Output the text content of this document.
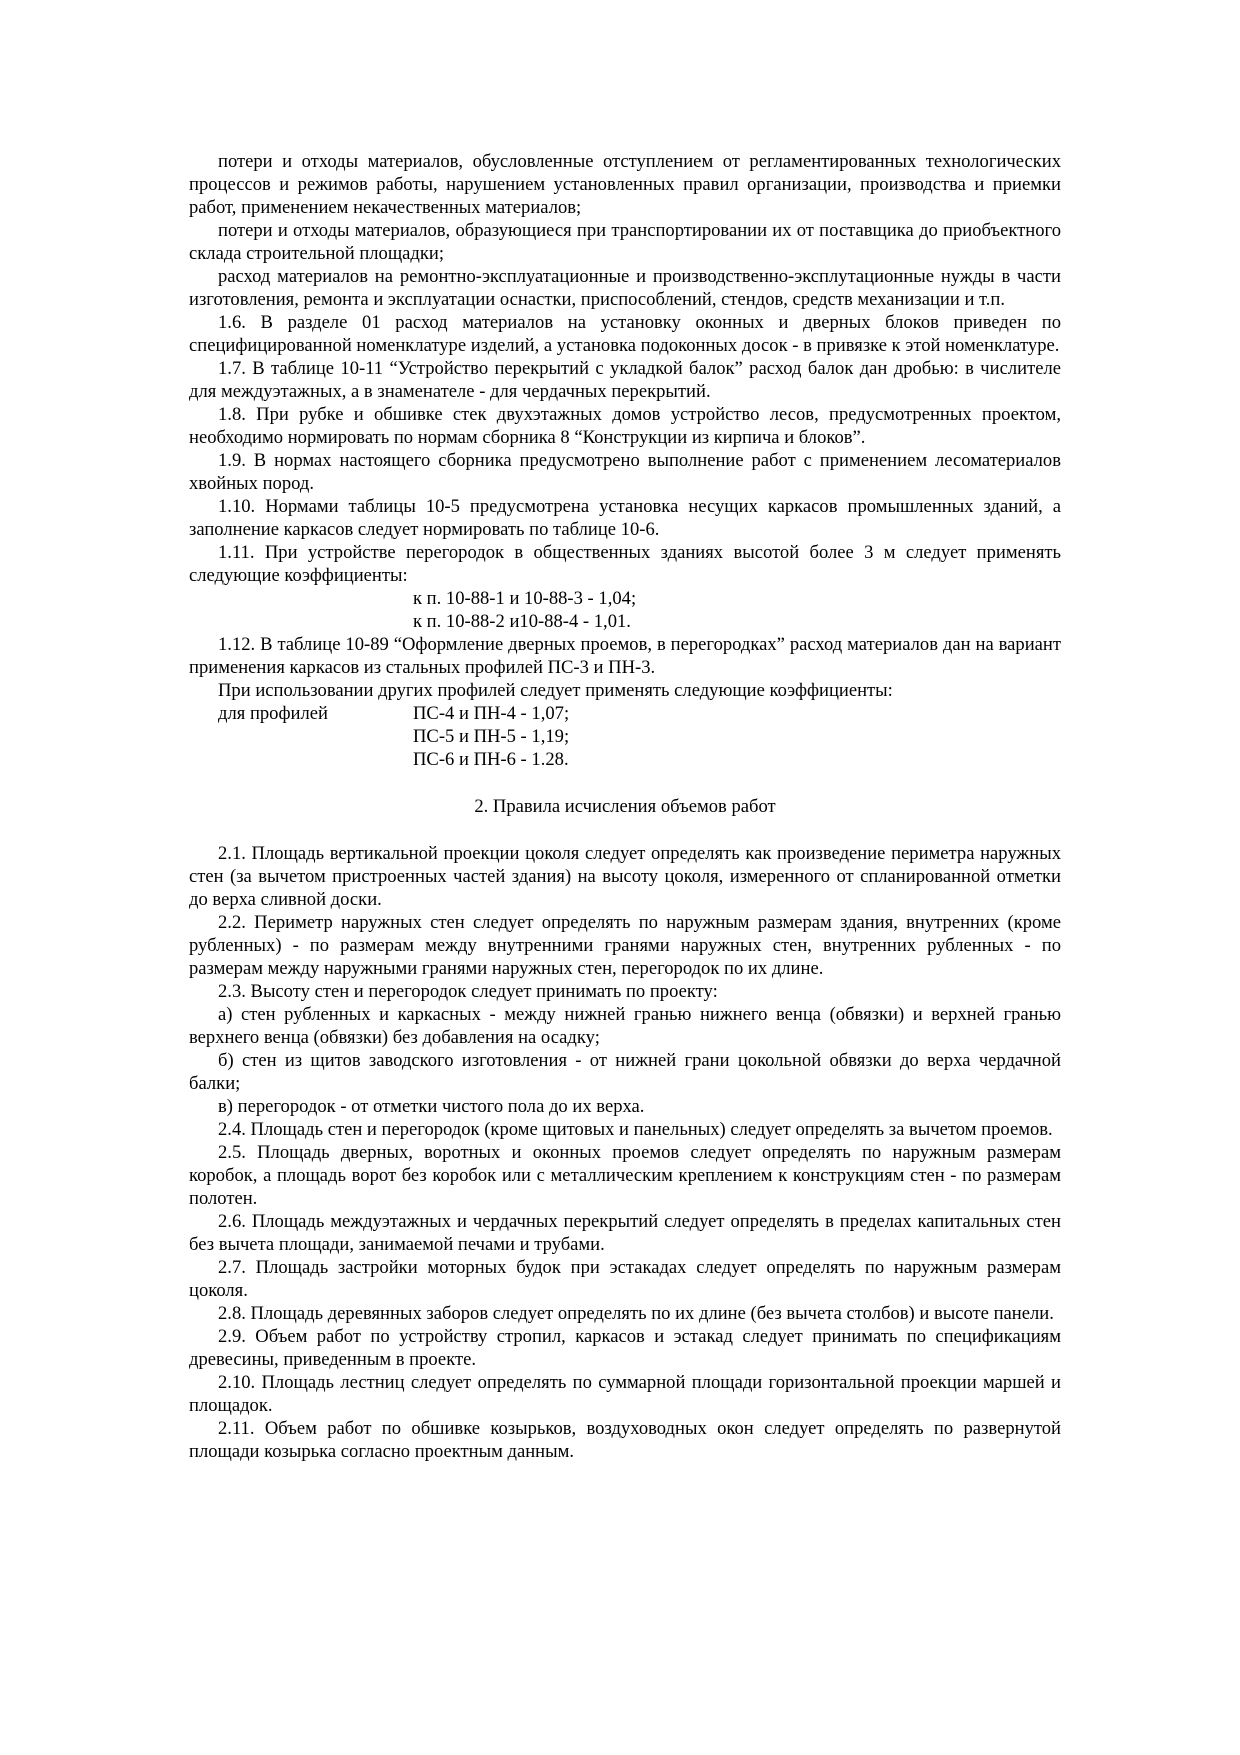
потери и отходы материалов, обусловленные отступлением от регламентированных технологических процессов и режимов работы, нарушением установленных правил организации, производства и приемки работ, применением некачественных материалов;

потери и отходы материалов, образующиеся при транспортировании их от поставщика до приобъектного склада строительной площадки;

расход материалов на ремонтно-эксплуатационные и производственно-эксплутационные нужды в части изготовления, ремонта и эксплуатации оснастки, приспособлений, стендов, средств механизации и т.п.

1.6. В разделе 01 расход материалов на установку оконных и дверных блоков приведен по специфицированной номенклатуре изделий, а установка подоконных досок - в привязке к этой номенклатуре.

1.7. В таблице 10-11 “Устройство перекрытий с укладкой балок” расход балок дан дробью: в числителе для междуэтажных, а в знаменателе - для чердачных перекрытий.

1.8. При рубке и обшивке стек двухэтажных домов устройство лесов, предусмотренных проектом, необходимо нормировать по нормам сборника 8 “Конструкции из кирпича и блоков”.

1.9. В нормах настоящего сборника предусмотрено выполнение работ с применением лесоматериалов хвойных пород.

1.10. Нормами таблицы 10-5 предусмотрена установка несущих каркасов промышленных зданий, а заполнение каркасов следует нормировать по таблице 10-6.

1.11. При устройстве перегородок в общественных зданиях высотой более 3 м следует применять следующие коэффициенты:

к п. 10-88-1 и 10-88-3 - 1,04;

к п. 10-88-2 и10-88-4 - 1,01.

1.12. В таблице 10-89 “Оформление дверных проемов, в перегородках” расход материалов дан на вариант применения каркасов из стальных профилей ПС-3 и ПН-3.

При использовании других профилей следует применять следующие коэффициенты:

для профилей	ПС-4 и ПН-4 - 1,07;
ПС-5 и ПН-5 - 1,19;
ПС-6 и ПН-6 - 1.28.

2. Правила исчисления объемов работ

2.1. Площадь вертикальной проекции цоколя следует определять как произведение периметра наружных стен (за вычетом пристроенных частей здания) на высоту цоколя, измеренного от спланированной отметки до верха сливной доски.

2.2. Периметр наружных стен следует определять по наружным размерам здания, внутренних (кроме рубленных) - по размерам между внутренними гранями наружных стен, внутренних рубленных - по размерам между наружными гранями наружных стен, перегородок по их длине.

2.3. Высоту стен и перегородок следует принимать по проекту:

а) стен рубленных и каркасных - между нижней гранью нижнего венца (обвязки) и верхней гранью верхнего венца (обвязки) без добавления на осадку;

б) стен из щитов заводского изготовления - от нижней грани цокольной обвязки до верха чердачной балки;

в) перегородок - от отметки чистого пола до их верха.

2.4. Площадь стен и перегородок (кроме щитовых и панельных) следует определять за вычетом проемов.

2.5. Площадь дверных, воротных и оконных проемов следует определять по наружным размерам коробок, а площадь ворот без коробок или с металлическим креплением к конструкциям стен - по размерам полотен.

2.6. Площадь междуэтажных и чердачных перекрытий следует определять в пределах капитальных стен без вычета площади, занимаемой печами и трубами.

2.7. Площадь застройки моторных будок при эстакадах следует определять по наружным размерам цоколя.

2.8. Площадь деревянных заборов следует определять по их длине (без вычета столбов) и высоте панели.

2.9. Объем работ по устройству стропил, каркасов и эстакад следует принимать по спецификациям древесины, приведенным в проекте.

2.10. Площадь лестниц следует определять по суммарной площади горизонтальной проекции маршей и площадок.

2.11. Объем работ по обшивке козырьков, воздуховодных окон следует определять по развернутой площади козырька согласно проектным данным.
